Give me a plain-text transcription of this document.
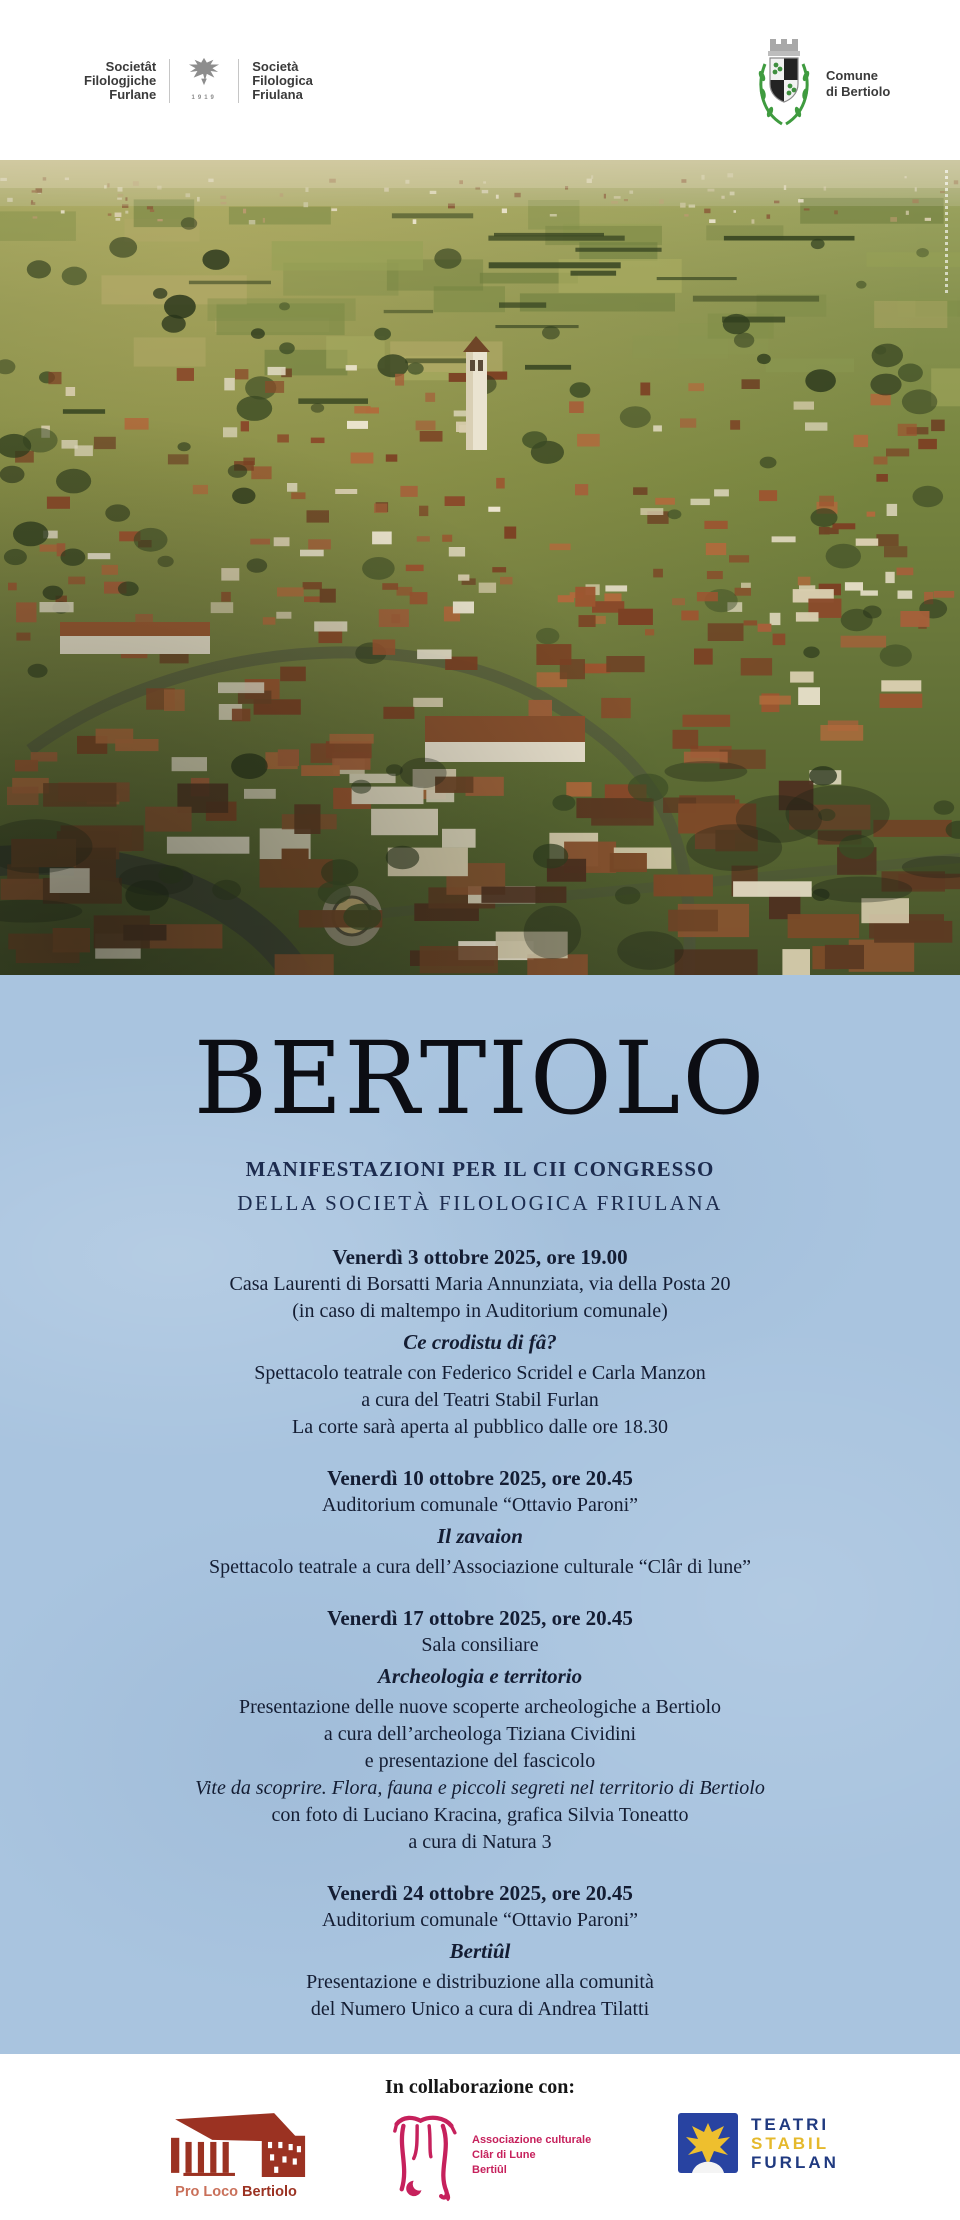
Societât
Filologjiche
Furlane	1919
Società
Filologica
Friulana
Comune
di Bertiolo
BERTIOLO
MANIFESTAZIONI PER IL CII CONGRESSO
DELLA SOCIETÀ FILOLOGICA FRIULANA
Venerdì 3 ottobre 2025, ore 19.00
Casa Laurenti di Borsatti Maria Annunziata, via della Posta 20
(in caso di maltempo in Auditorium comunale)
Ce crodistu di fâ?
Spettacolo teatrale con Federico Scridel e Carla Manzon
a cura del Teatri Stabil Furlan
La corte sarà aperta al pubblico dalle ore 18.30
Venerdì 10 ottobre 2025, ore 20.45
Auditorium comunale “Ottavio Paroni”
Il zavaion
Spettacolo teatrale a cura dell’Associazione culturale “Clâr di lune”
Venerdì 17 ottobre 2025, ore 20.45
Sala consiliare
Archeologia e territorio
Presentazione delle nuove scoperte archeologiche a Bertiolo
a cura dell’archeologa Tiziana Cividini
e presentazione del fascicolo
Vite da scoprire. Flora, fauna e piccoli segreti nel territorio di Bertiolo
con foto di Luciano Kracina, grafica Silvia Toneatto
a cura di Natura 3
Venerdì 24 ottobre 2025, ore 20.45
Auditorium comunale “Ottavio Paroni”
Bertiûl
Presentazione e distribuzione alla comunità
del Numero Unico a cura di Andrea Tilatti
In collaborazione con:
Pro Loco Bertiolo
Associazione culturale
Clâr di Lune
Bertiûl
TEATRI
STABIL
FURLAN
